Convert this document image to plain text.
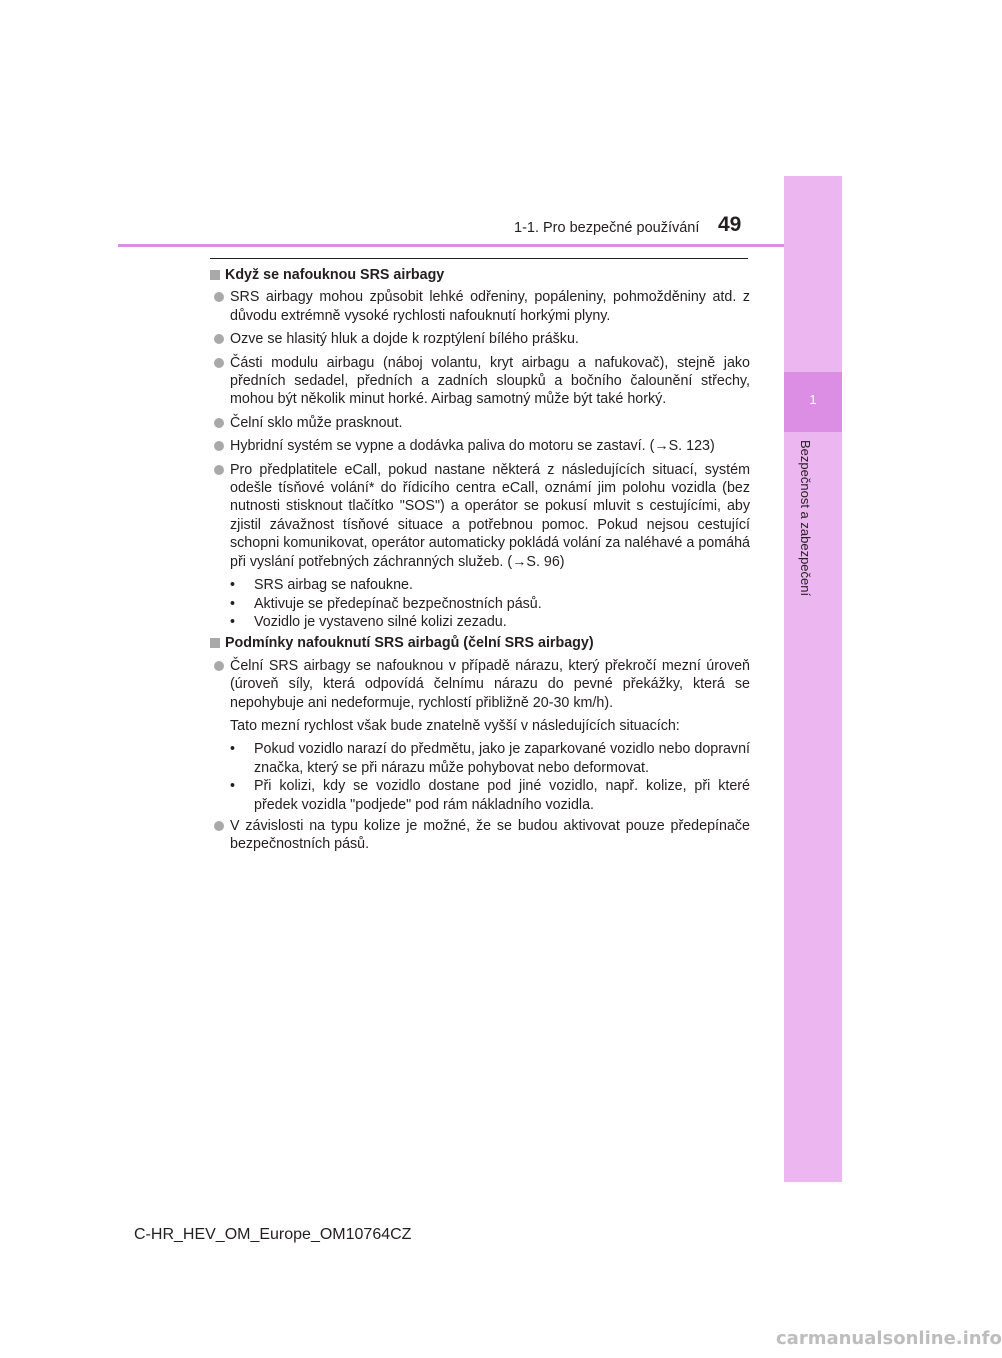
1
Bezpečnost a zabezpečení
1-1. Pro bezpečné používání 49
Když se nafouknou SRS airbagy
SRS airbagy mohou způsobit lehké odřeniny, popáleniny, pohmožděniny atd. z důvodu extrémně vysoké rychlosti nafouknutí horkými plyny.
Ozve se hlasitý hluk a dojde k rozptýlení bílého prášku.
Části modulu airbagu (náboj volantu, kryt airbagu a nafukovač), stejně jako předních sedadel, předních a zadních sloupků a bočního čalounění střechy, mohou být několik minut horké. Airbag samotný může být také horký.
Čelní sklo může prasknout.
Hybridní systém se vypne a dodávka paliva do motoru se zastaví. (→S. 123)
Pro předplatitele eCall, pokud nastane některá z následujících situací, systém odešle tísňové volání* do řídicího centra eCall, oznámí jim polohu vozidla (bez nutnosti stisknout tlačítko "SOS") a operátor se pokusí mluvit s cestujícími, aby zjistil závažnost tísňové situace a potřebnou pomoc. Pokud nejsou cestující schopni komunikovat, operátor automaticky pokládá volání za naléhavé a pomáhá při vyslání potřebných záchranných služeb. (→S. 96)
• SRS airbag se nafoukne.
• Aktivuje se předepínač bezpečnostních pásů.
• Vozidlo je vystaveno silné kolizi zezadu.
Podmínky nafouknutí SRS airbagů (čelní SRS airbagy)
Čelní SRS airbagy se nafouknou v případě nárazu, který překročí mezní úroveň (úroveň síly, která odpovídá čelnímu nárazu do pevné překážky, která se nepohybuje ani nedeformuje, rychlostí přibližně 20-30 km/h).
Tato mezní rychlost však bude znatelně vyšší v následujících situacích:
• Pokud vozidlo narazí do předmětu, jako je zaparkované vozidlo nebo dopravní značka, který se při nárazu může pohybovat nebo deformovat.
• Při kolizi, kdy se vozidlo dostane pod jiné vozidlo, např. kolize, při které předek vozidla "podjede" pod rám nákladního vozidla.
V závislosti na typu kolize je možné, že se budou aktivovat pouze předepínače bezpečnostních pásů.
C-HR_HEV_OM_Europe_OM10764CZ
carmanualsonline.info
